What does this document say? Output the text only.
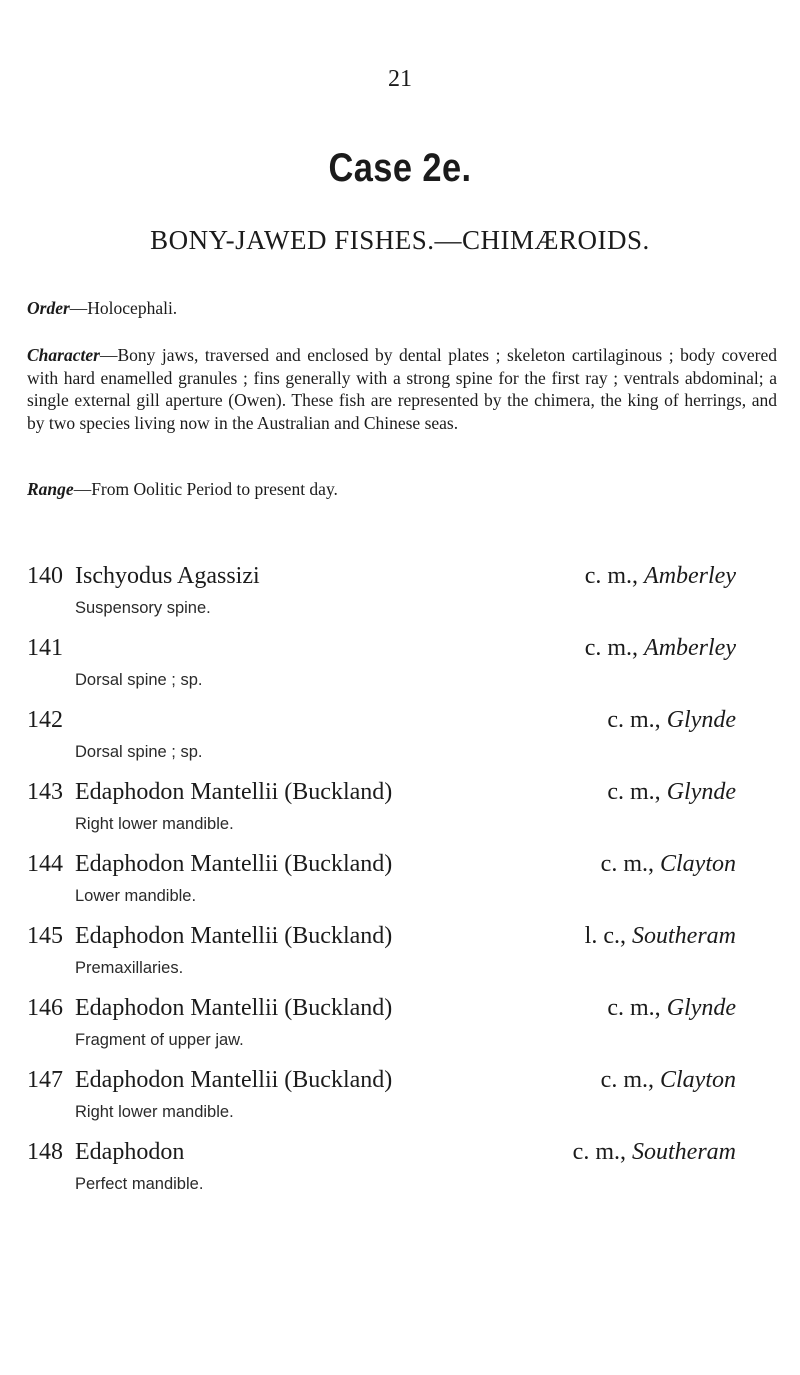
21
Case 2e.
BONY-JAWED FISHES.—CHIMÆROIDS.

Order—Holocephali.

Character—Bony jaws, traversed and enclosed by dental plates ; skeleton cartilaginous ; body covered with hard enamelled granules ; fins generally with a strong spine for the first ray ; ventrals abdominal; a single external gill aperture (Owen). These fish are represented by the chimera, the king of herrings, and by two species living now in the Australian and Chinese seas.

Range—From Oolitic Period to present day.

140 Ischyodus Agassizi
Suspensory spine.
c. m., Amberley
141
Dorsal spine ; sp.
c. m., Amberley
142
Dorsal spine ; sp.
c. m., Glynde
143 Edaphodon Mantellii (Buckland)
Right lower mandible.
c. m., Glynde
144 Edaphodon Mantellii (Buckland)
Lower mandible.
c. m., Clayton
145 Edaphodon Mantellii (Buckland)
Premaxillaries.
l. c., Southeram
146 Edaphodon Mantellii (Buckland)
Fragment of upper jaw.
c. m., Glynde
147 Edaphodon Mantellii (Buckland)
Right lower mandible.
c. m., Clayton
148 Edaphodon
Perfect mandible.
c. m., Southeram
